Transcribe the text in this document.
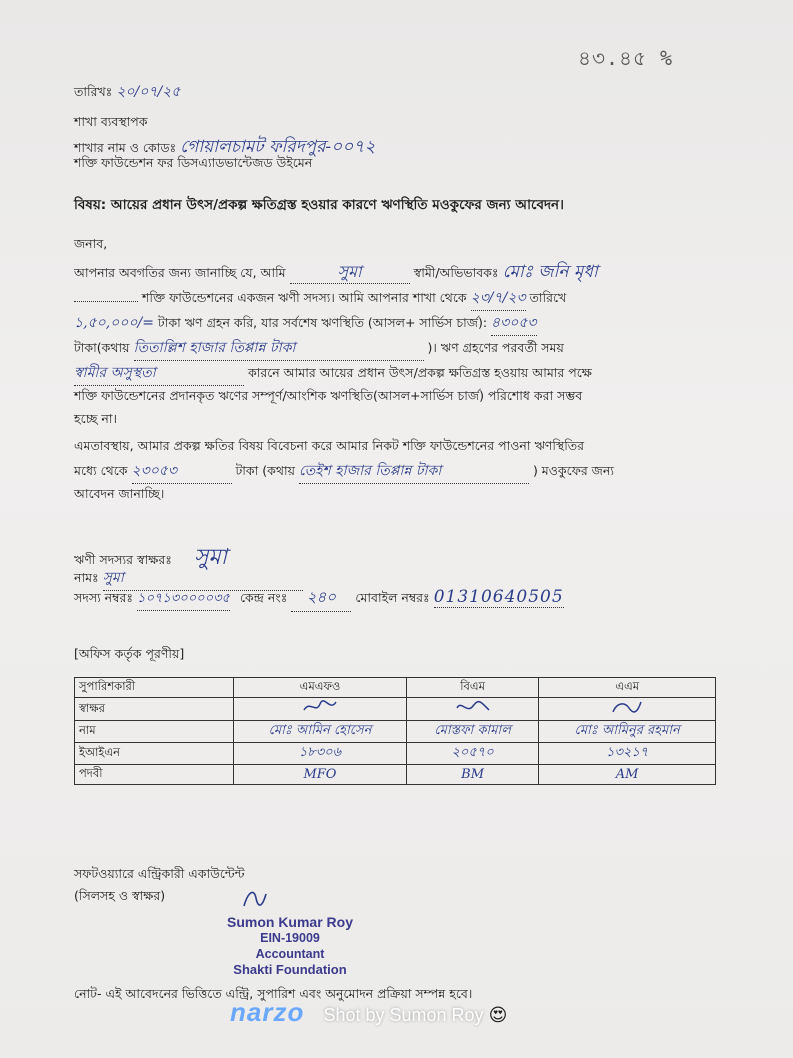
৪৩.৪৫ %
তারিখঃ ২০/০৭/২৫
শাখা ব্যবস্থাপক
শাখার নাম ও কোডঃ গোয়ালচামট ফরিদপুর-০০৭২
শক্তি ফাউন্ডেশন ফর ডিসএ্যাডভান্টেজড উইমেন
বিষয়: আয়ের প্রধান উৎস/প্রকল্প ক্ষতিগ্রস্ত হওয়ার কারণে ঋণস্থিতি মওকুফের জন্য আবেদন।
জনাব,
আপনার অবগতির জন্য জানাচ্ছি যে, আমি	সুমা	স্বামী/অভিভাবকঃ মোঃ জনি মৃধা
শক্তি ফাউন্ডেশনের একজন ঋণী সদস্য। আমি আপনার শাখা থেকে ২৩/৭/২৩ তারিখে
১,৫০,০০০/= টাকা ঋণ গ্রহন করি, যার সর্বশেষ ঋণস্থিতি (আসল+ সার্ভিস চার্জ): ৪৩০৫৩
টাকা(কথায় তিতাল্লিশ হাজার তিপ্পান্ন টাকা	)। ঋণ গ্রহণের পরবর্তী সময়
স্বামীর অসুস্থতা	কারনে আমার আয়ের প্রধান উৎস/প্রকল্প ক্ষতিগ্রস্ত হওয়ায় আমার পক্ষে
শক্তি ফাউন্ডেশনের প্রদানকৃত ঋণের সম্পূর্ণ/আংশিক ঋণস্থিতি(আসল+সার্ভিস চার্জ) পরিশোধ করা সম্ভব
হচ্ছে না।
এমতাবস্থায়, আমার প্রকল্প ক্ষতির বিষয় বিবেচনা করে আমার নিকট শক্তি ফাউন্ডেশনের পাওনা ঋণস্থিতির
মধ্যে থেকে ২৩০৫৩	টাকা (কথায় তেইশ হাজার তিপ্পান্ন টাকা	) মওকুফের জন্য
আবেদন জানাচ্ছি।
ঋণী সদস্যর স্বাক্ষরঃ সুমা
নামঃ সুমা
সদস্য নম্বরঃ ১০৭১৩০০০০৩৫ কেন্দ্র নংঃ ২৪০ মোবাইল নম্বরঃ 01310640505
[অফিস কর্তৃক পূরণীয়]
সুপারিশকারী	এমএফও	বিএম	এএম
স্বাক্ষর			
নাম	মোঃ আমিন হোসেন	মোস্তফা কামাল	মোঃ আমিনুর রহমান
ইআইএন	১৮৩০৬	২০৫৭০	১৩২১৭
পদবী	MFO	BM	AM
সফটওয়্যারে এন্ট্রিকারী একাউন্টেন্ট
(সিলসহ ও স্বাক্ষর)
Sumon Kumar Roy
EIN-19009
Accountant
Shakti Foundation
নোট- এই আবেদনের ভিত্তিতে এন্ট্রি, সুপারিশ এবং অনুমোদন প্রক্রিয়া সম্পন্ন হবে।
narzo Shot by Sumon Roy 😍
